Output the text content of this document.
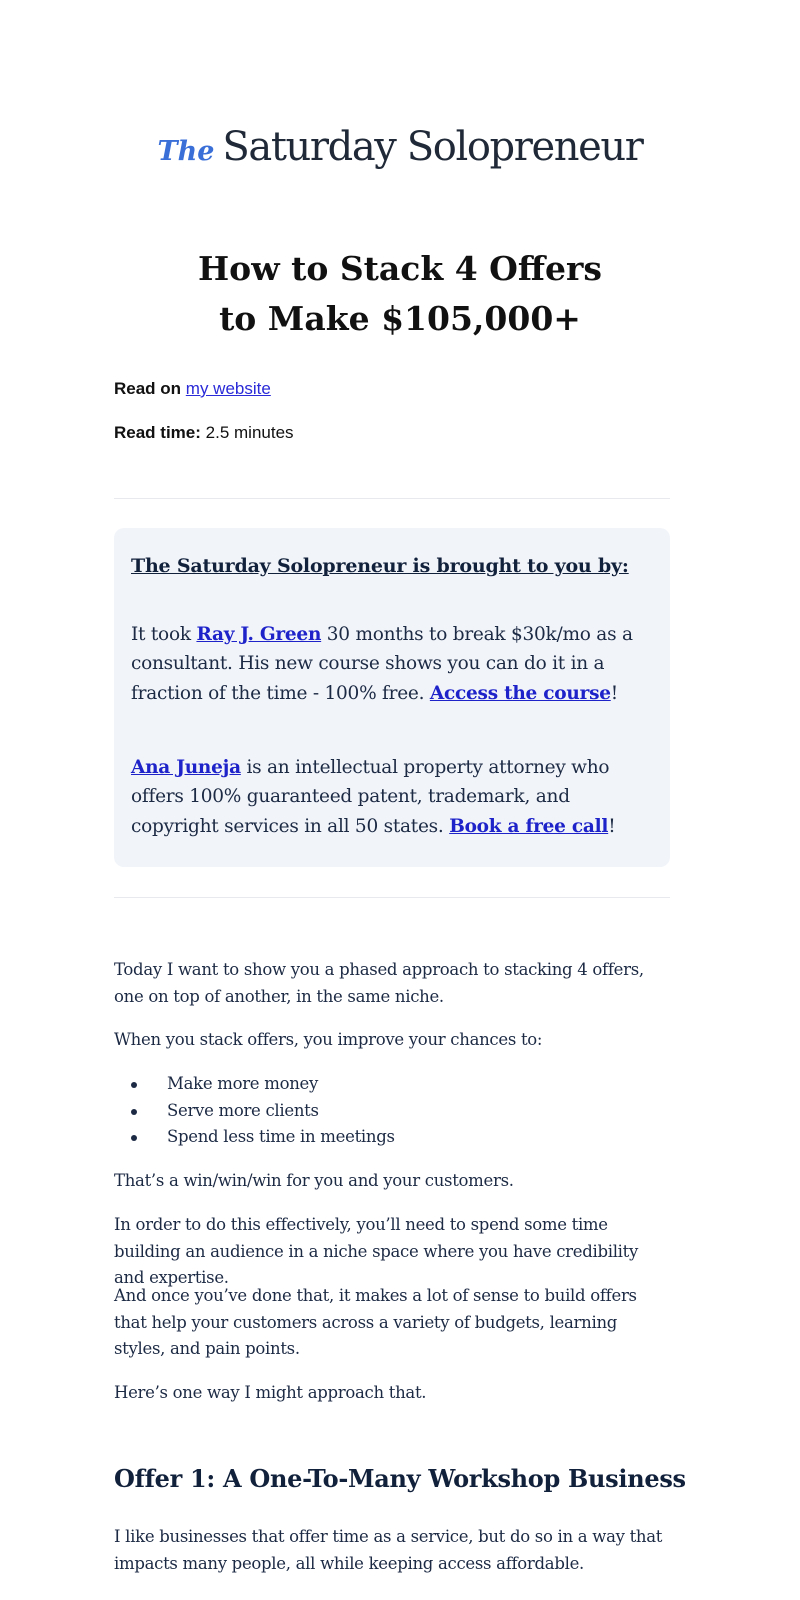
The Saturday Solopreneur
How to Stack 4 Offers
to Make $105,000+
Read on my website
Read time: 2.5 minutes
The Saturday Solopreneur is brought to you by:

It took Ray J. Green 30 months to break $30k/mo as a consultant. His new course shows you can do it in a fraction of the time - 100% free. Access the course!

Ana Juneja is an intellectual property attorney who offers 100% guaranteed patent, trademark, and copyright services in all 50 states. Book a free call!

Today I want to show you a phased approach to stacking 4 offers, one on top of another, in the same niche.

When you stack offers, you improve your chances to:

Make more money
Serve more clients
Spend less time in meetings

That’s a win/win/win for you and your customers.

In order to do this effectively, you’ll need to spend some time building an audience in a niche space where you have credibility and expertise.

And once you’ve done that, it makes a lot of sense to build offers that help your customers across a variety of budgets, learning styles, and pain points.

Here’s one way I might approach that.

Offer 1: A One-To-Many Workshop Business

I like businesses that offer time as a service, but do so in a way that impacts many people, all while keeping access affordable.
